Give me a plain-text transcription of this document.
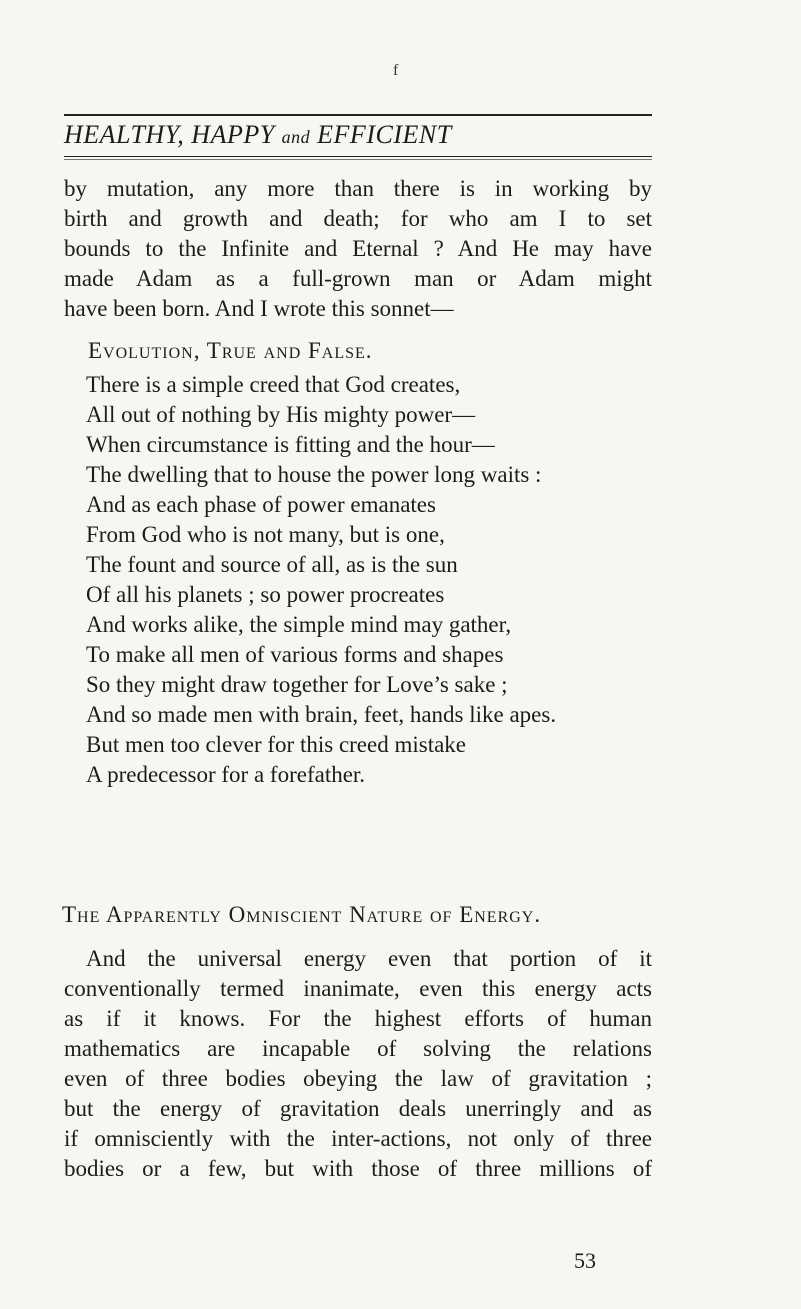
f
HEALTHY, HAPPY and EFFICIENT
by mutation, any more than there is in working by
birth and growth and death; for who am I to set
bounds to the Infinite and Eternal ? And He may have
made Adam as a full-grown man or Adam might
have been born. And I wrote this sonnet—
Evolution, True and False.
There is a simple creed that God creates,
All out of nothing by His mighty power—
When circumstance is fitting and the hour—
The dwelling that to house the power long waits :
And as each phase of power emanates
From God who is not many, but is one,
The fount and source of all, as is the sun
Of all his planets ; so power procreates
And works alike, the simple mind may gather,
To make all men of various forms and shapes
So they might draw together for Love’s sake ;
And so made men with brain, feet, hands like apes.
But men too clever for this creed mistake
A predecessor for a forefather.
The Apparently Omniscient Nature of Energy.
And the universal energy even that portion of it
conventionally termed inanimate, even this energy acts
as if it knows. For the highest efforts of human
mathematics are incapable of solving the relations
even of three bodies obeying the law of gravitation ;
but the energy of gravitation deals unerringly and as
if omnisciently with the inter-actions, not only of three
bodies or a few, but with those of three millions of
53
